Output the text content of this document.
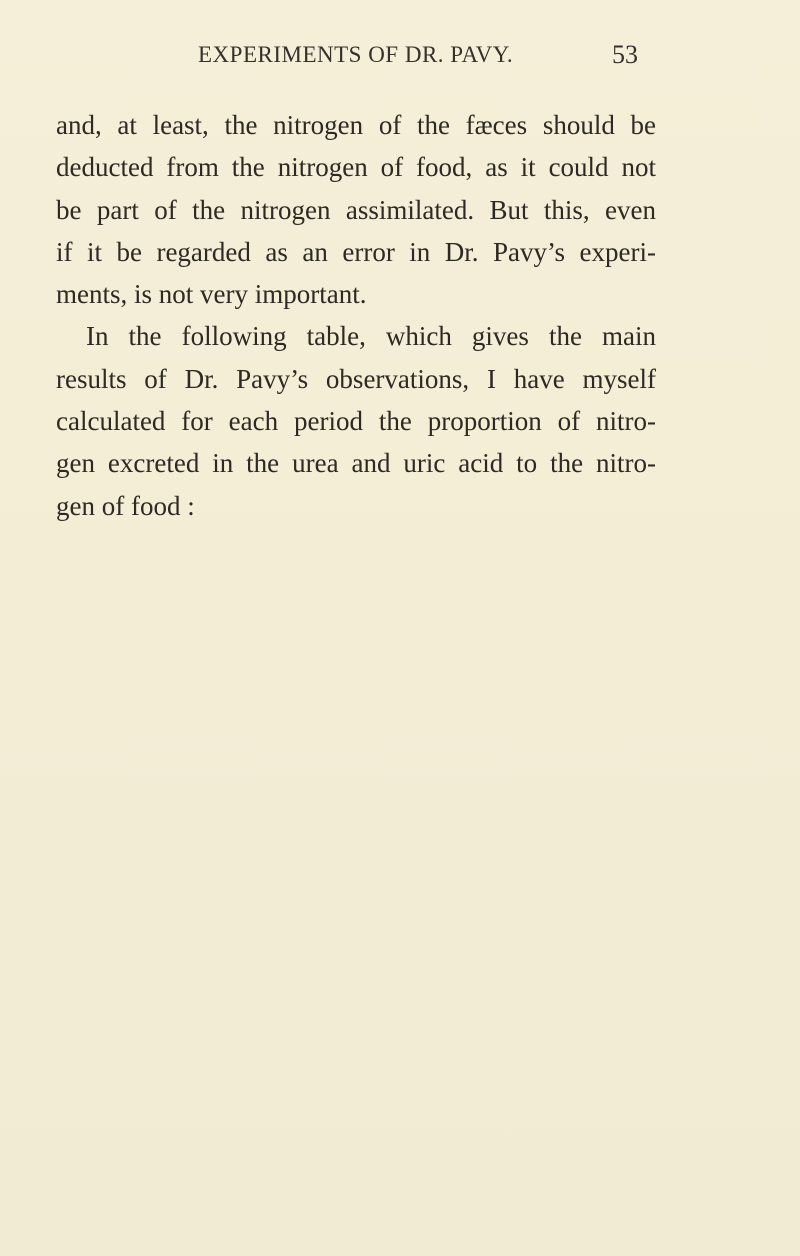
EXPERIMENTS OF DR. PAVY.	53
and, at least, the nitrogen of the fæces should be
deducted from the nitrogen of food, as it could not
be part of the nitrogen assimilated. But this, even
if it be regarded as an error in Dr. Pavy’s experi-
ments, is not very important.
In the following table, which gives the main
results of Dr. Pavy’s observations, I have myself
calculated for each period the proportion of nitro-
gen excreted in the urea and uric acid to the nitro-
gen of food :
